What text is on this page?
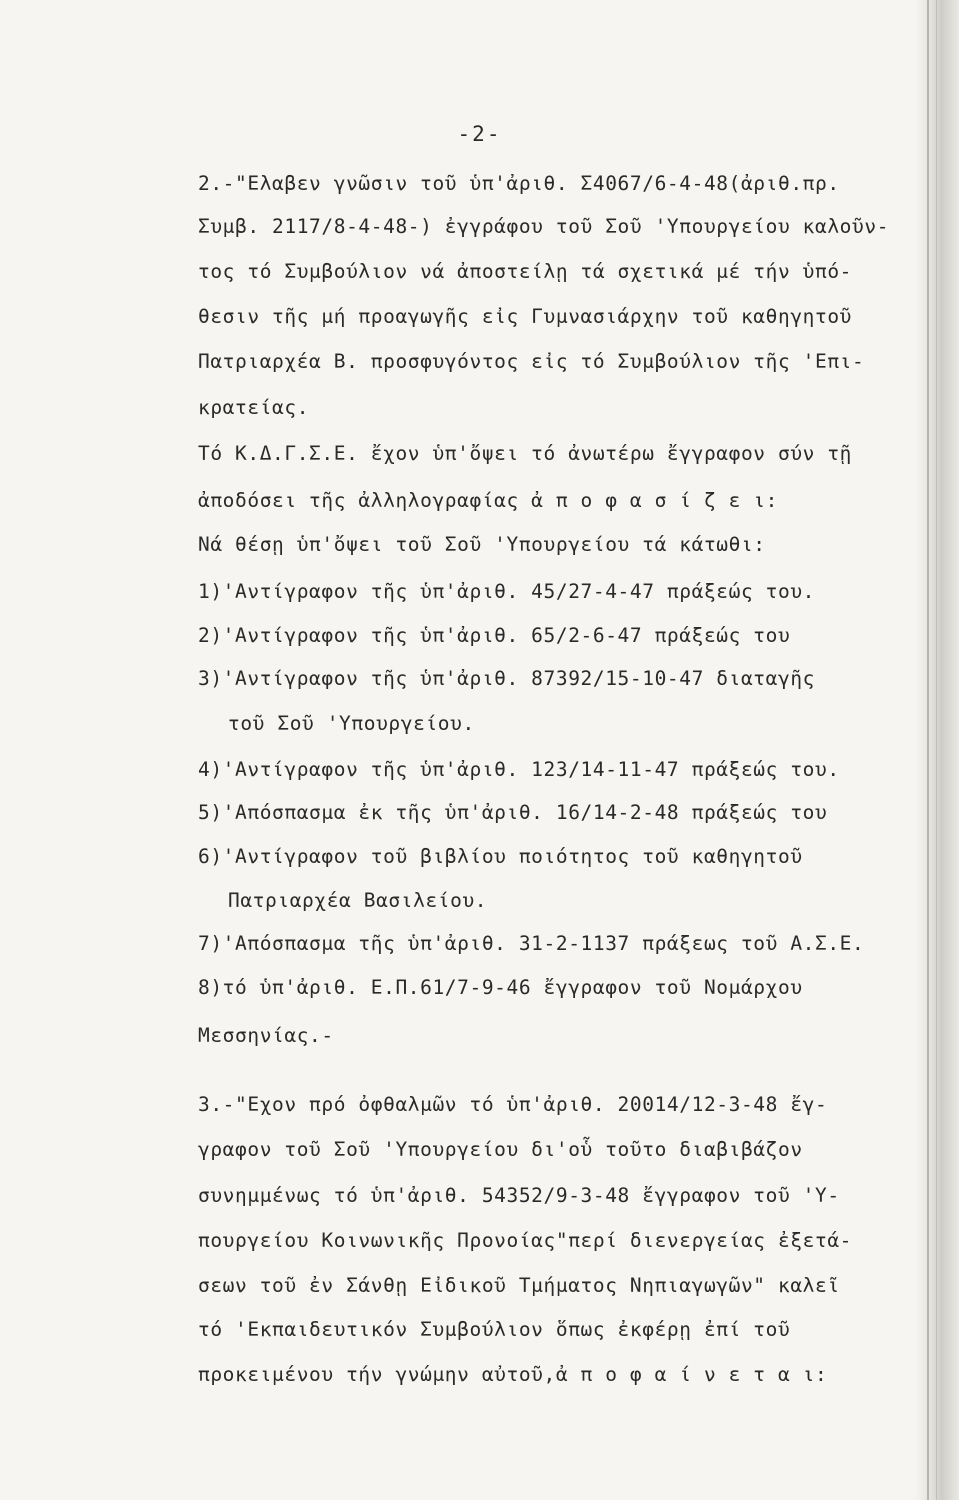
-2-
2.-"Ελαβεν γνῶσιν τοῦ ὑπ'ἀριθ. Σ4067/6-4-48(ἀριθ.πρ.
Συμβ. 2117/8-4-48-) ἐγγράφου τοῦ Σοῦ 'Υπουργείου καλοῦν-
τος τό Συμβούλιον νά ἀποστείλῃ τά σχετικά μέ τήν ὑπό-
θεσιν τῆς μή προαγωγῆς εἰς Γυμνασιάρχην τοῦ καθηγητοῦ
Πατριαρχέα Β. προσφυγόντος εἰς τό Συμβούλιον τῆς 'Επι-
κρατείας.
Τό Κ.Δ.Γ.Σ.Ε. ἔχον ὑπ'ὄψει τό ἀνωτέρω ἔγγραφον σύν τῇ
ἀποδόσει τῆς ἀλληλογραφίας ἀ π ο φ α σ ί ζ ε ι:
Νά θέσῃ ὑπ'ὄψει τοῦ Σοῦ 'Υπουργείου τά κάτωθι:
1)'Αντίγραφον τῆς ὑπ'ἀριθ. 45/27-4-47 πράξεώς του.
2)'Αντίγραφον τῆς ὑπ'ἀριθ. 65/2-6-47 πράξεώς του
3)'Αντίγραφον τῆς ὑπ'ἀριθ. 87392/15-10-47 διαταγῆς
τοῦ Σοῦ 'Υπουργείου.
4)'Αντίγραφον τῆς ὑπ'ἀριθ. 123/14-11-47 πράξεώς του.
5)'Απόσπασμα ἐκ τῆς ὑπ'ἀριθ. 16/14-2-48 πράξεώς του
6)'Αντίγραφον τοῦ βιβλίου ποιότητος τοῦ καθηγητοῦ
Πατριαρχέα Βασιλείου.
7)'Απόσπασμα τῆς ὑπ'ἀριθ. 31-2-1137 πράξεως τοῦ Α.Σ.Ε.
8)τό ὑπ'ἀριθ. Ε.Π.61/7-9-46 ἔγγραφον τοῦ Νομάρχου
Μεσσηνίας.-
3.-"Εχον πρό ὀφθαλμῶν τό ὑπ'ἀριθ. 20014/12-3-48 ἔγ-
γραφον τοῦ Σοῦ 'Υπουργείου δι'οὗ τοῦτο διαβιβάζον
συνημμένως τό ὑπ'ἀριθ. 54352/9-3-48 ἔγγραφον τοῦ 'Υ-
πουργείου Κοινωνικῆς Προνοίας"περί διενεργείας ἐξετά-
σεων τοῦ ἐν Σάνθῃ Εἰδικοῦ Τμήματος Νηπιαγωγῶν" καλεῖ
τό 'Εκπαιδευτικόν Συμβούλιον ὅπως ἐκφέρῃ ἐπί τοῦ
προκειμένου τήν γνώμην αὐτοῦ,ἀ π ο φ α ί ν ε τ α ι:
